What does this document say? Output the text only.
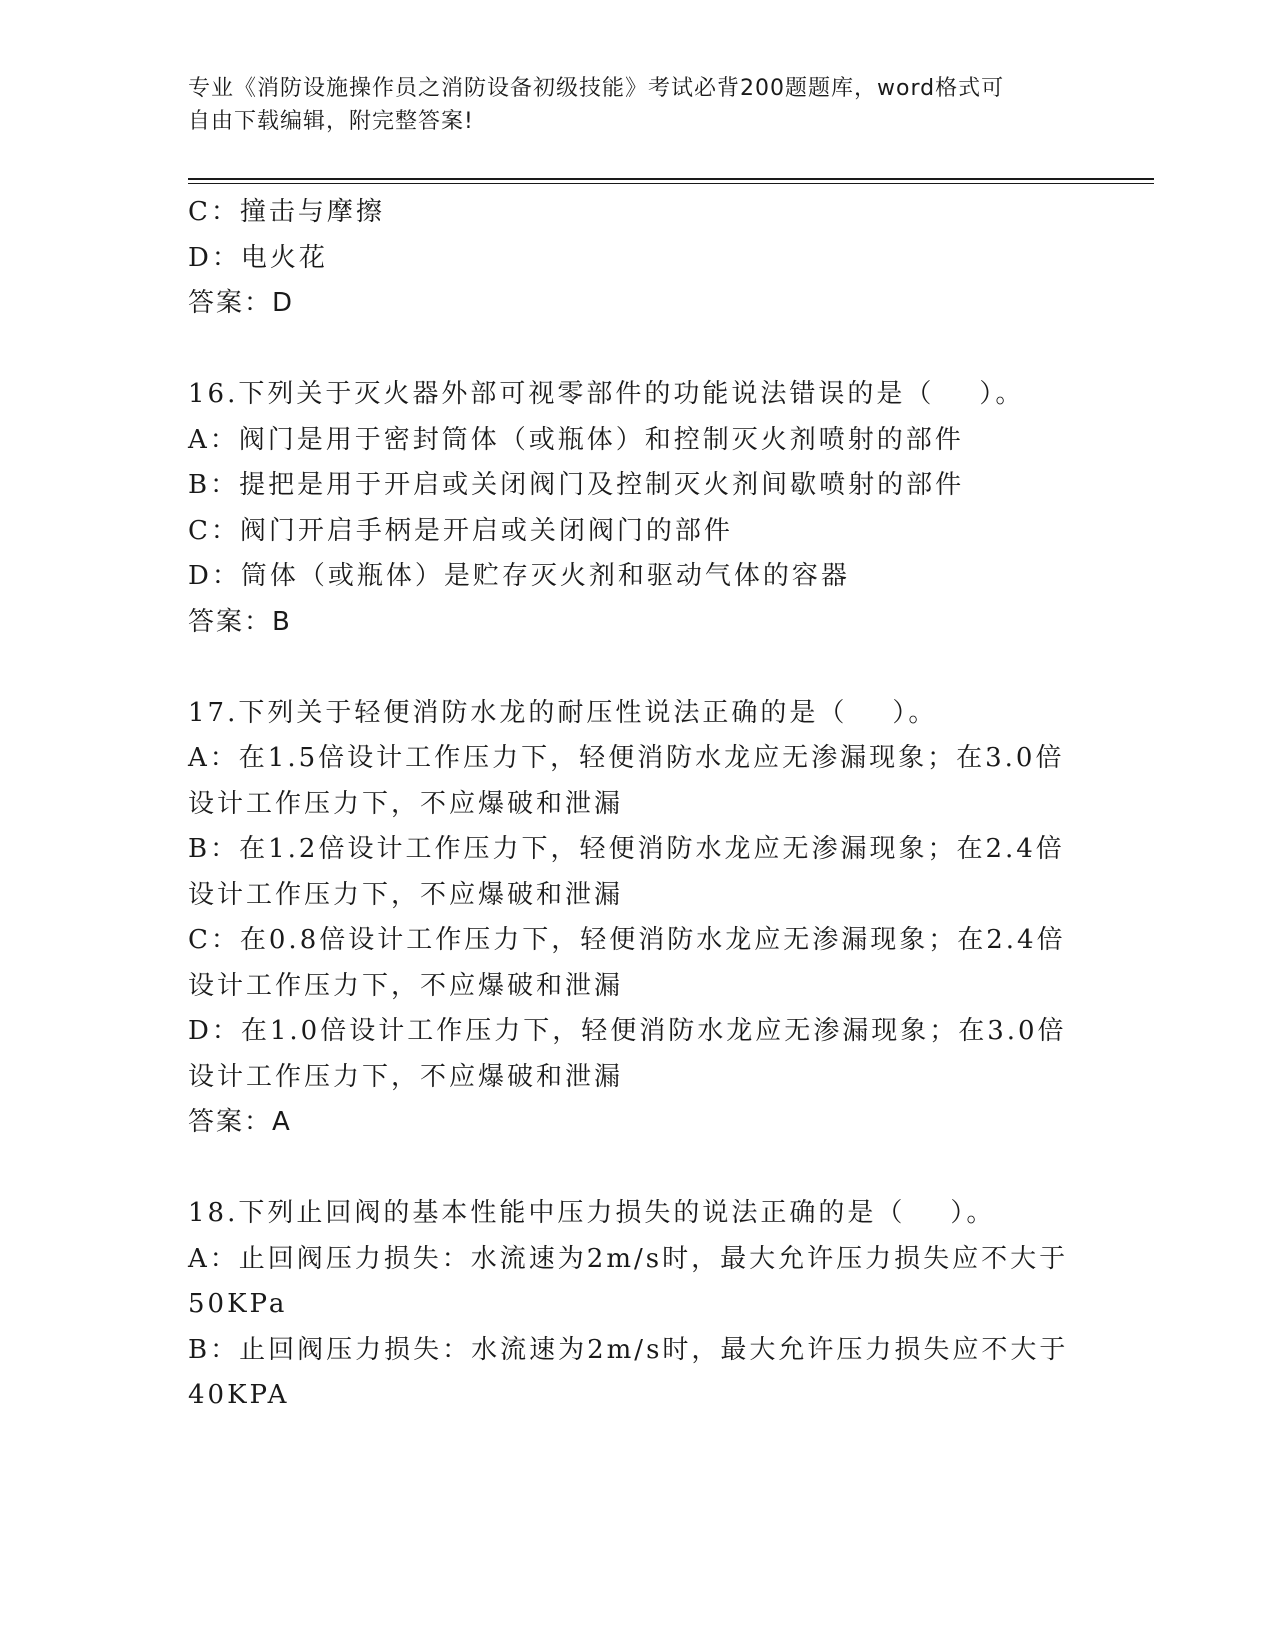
专业《消防设施操作员之消防设备初级技能》考试必背200题题库，word格式可
自由下载编辑，附完整答案!
C：撞击与摩擦
D：电火花
答案：D
16.下列关于灭火器外部可视零部件的功能说法错误的是（    ）。
A：阀门是用于密封筒体（或瓶体）和控制灭火剂喷射的部件
B：提把是用于开启或关闭阀门及控制灭火剂间歇喷射的部件
C：阀门开启手柄是开启或关闭阀门的部件
D：筒体（或瓶体）是贮存灭火剂和驱动气体的容器
答案：B
17.下列关于轻便消防水龙的耐压性说法正确的是（    ）。
A：在1.5倍设计工作压力下，轻便消防水龙应无渗漏现象；在3.0倍设计工作压力下，不应爆破和泄漏
B：在1.2倍设计工作压力下，轻便消防水龙应无渗漏现象；在2.4倍设计工作压力下，不应爆破和泄漏
C：在0.8倍设计工作压力下，轻便消防水龙应无渗漏现象；在2.4倍设计工作压力下，不应爆破和泄漏
D：在1.0倍设计工作压力下，轻便消防水龙应无渗漏现象；在3.0倍设计工作压力下，不应爆破和泄漏
答案：A
18.下列止回阀的基本性能中压力损失的说法正确的是（    ）。
A：止回阀压力损失：水流速为2m/s时，最大允许压力损失应不大于50KPa
B：止回阀压力损失：水流速为2m/s时，最大允许压力损失应不大于40KPA
